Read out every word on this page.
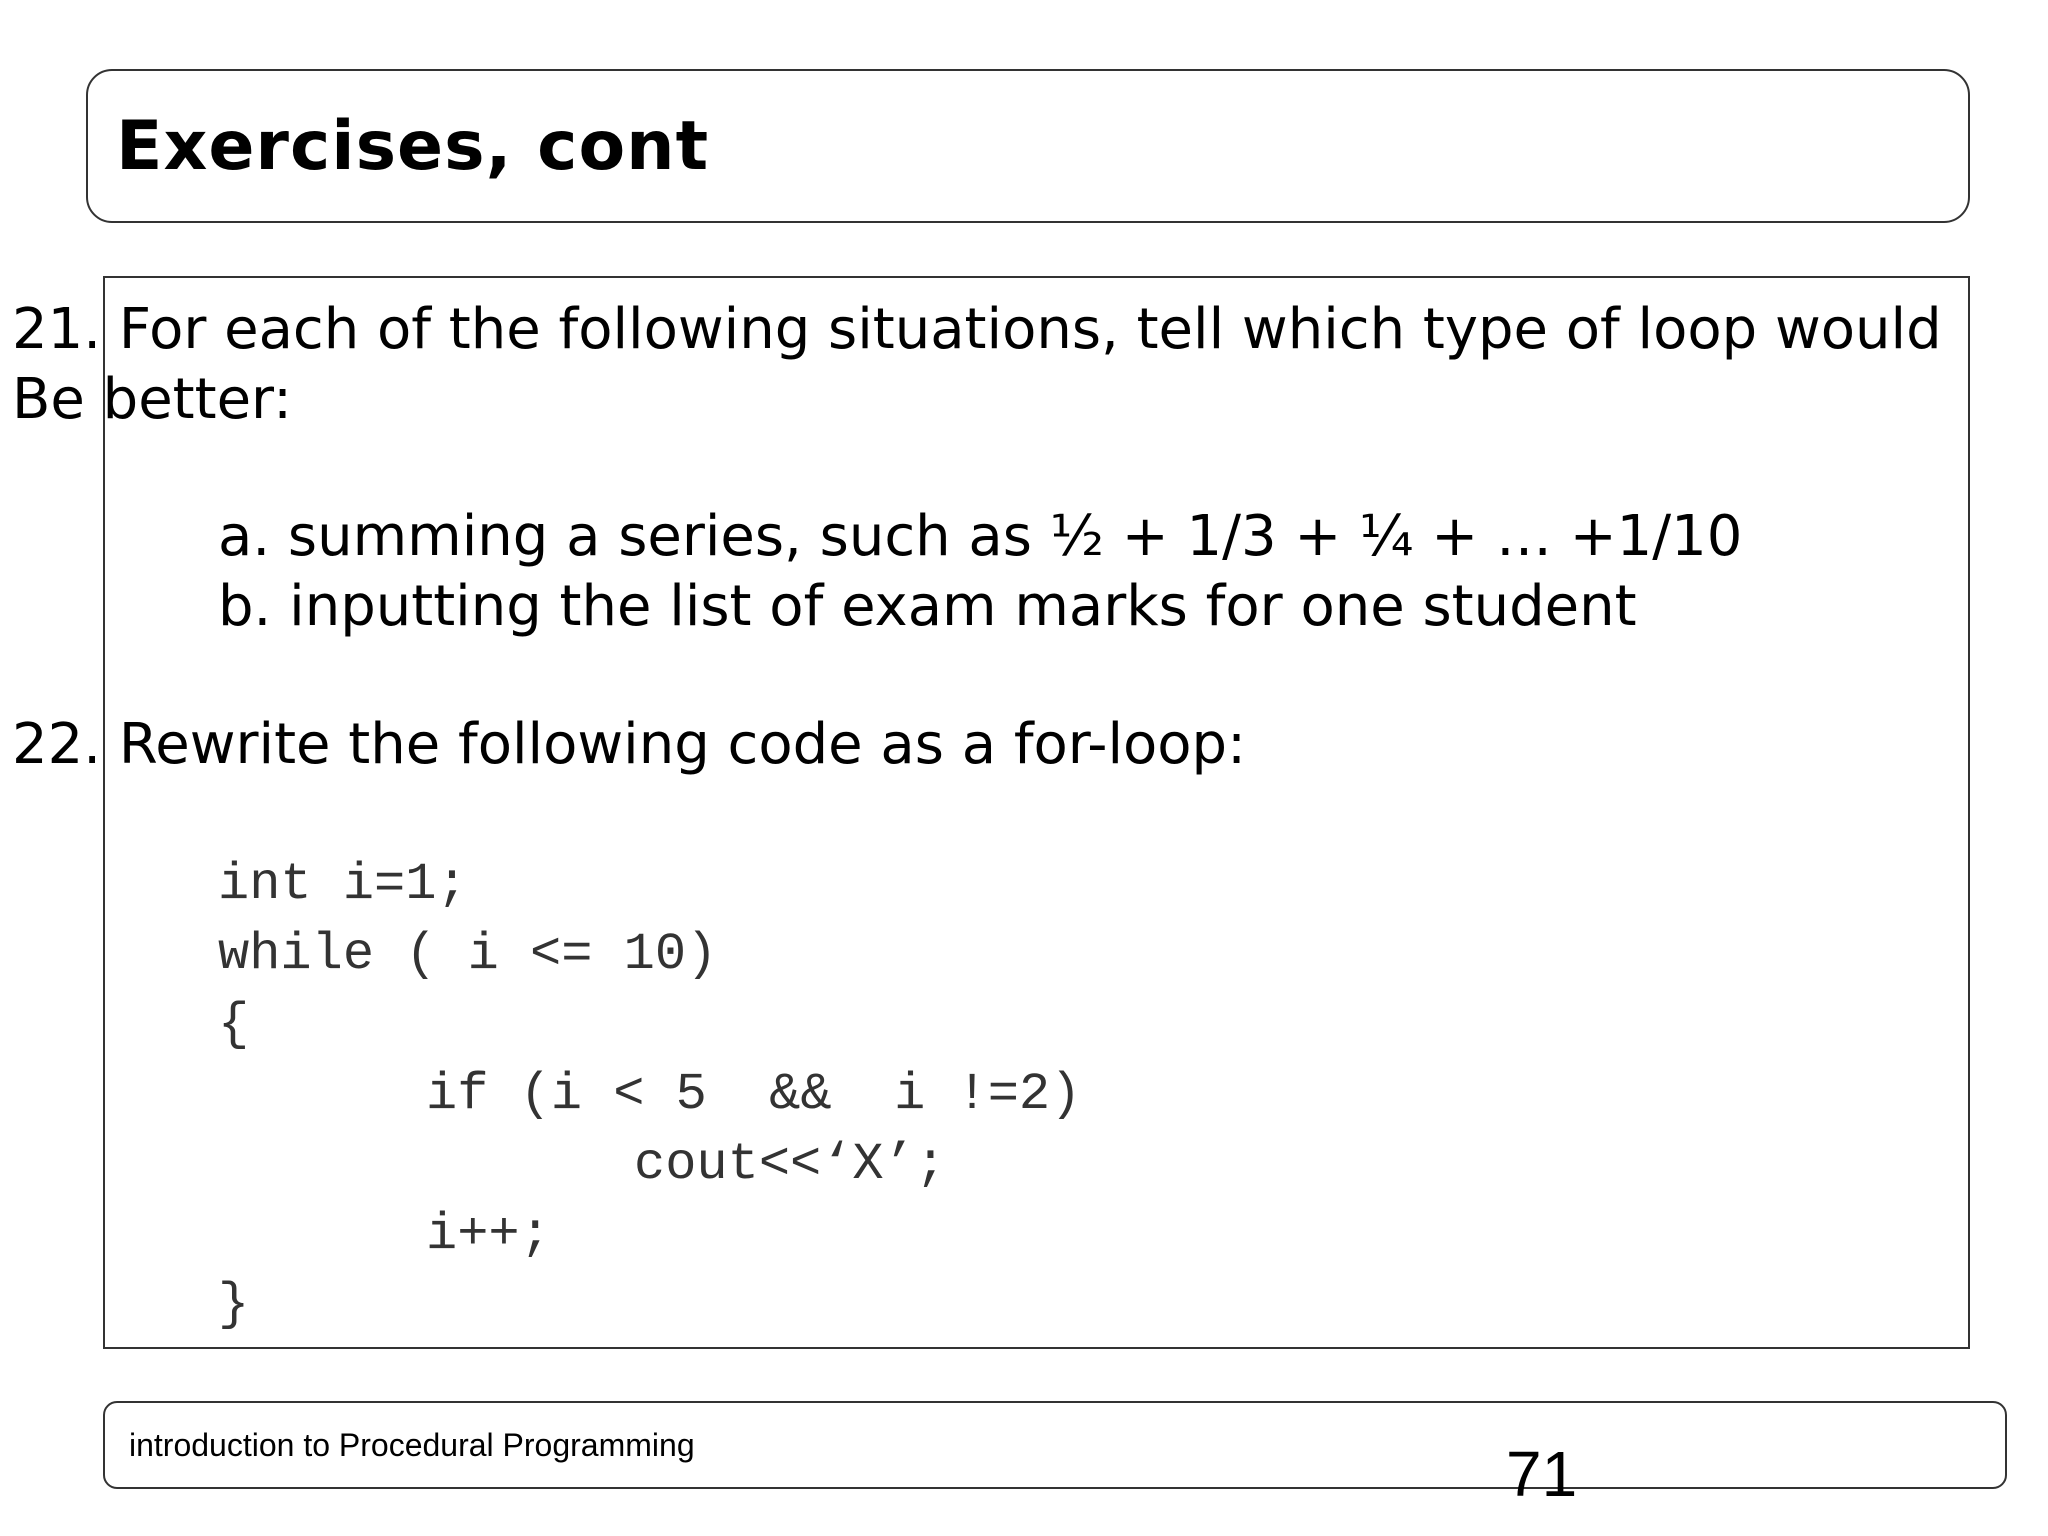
Exercises, cont
21. For each of the following situations, tell which type of loop would
Be better:
a. summing a series, such as ½ + 1/3 + ¼ + … +1/10
b. inputting the list of exam marks for one student
22. Rewrite the following code as a for-loop:
int i=1;
while ( i <= 10)
{
if (i < 5  &&  i !=2)
cout<<‘X’;
i++;
}
introduction to Procedural Programming	71
